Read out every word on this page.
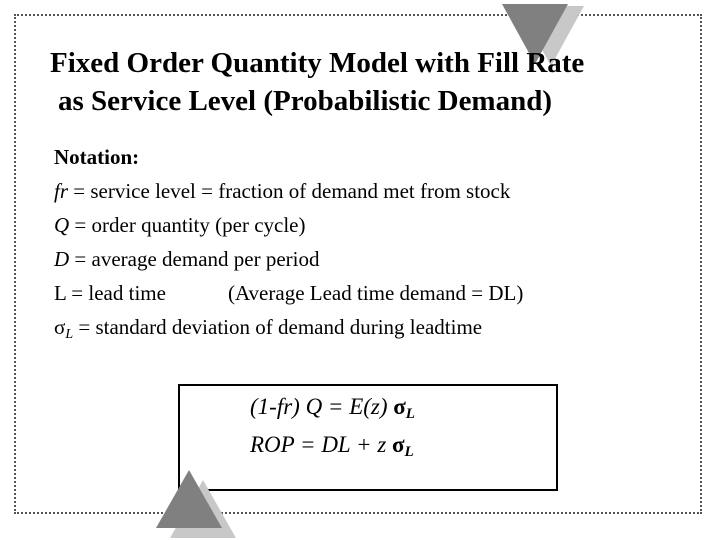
Fixed Order Quantity Model with Fill Rate
as Service Level (Probabilistic Demand)
Notation:
fr = service level = fraction of demand met from stock
Q = order quantity (per cycle)
D = average demand per period
L = lead time	(Average Lead time demand = DL)
$\sigma_L$ = standard deviation of demand during leadtime
(1-fr) Q = E(z) $\sigma_L$
ROP = DL + z $\sigma_L$
